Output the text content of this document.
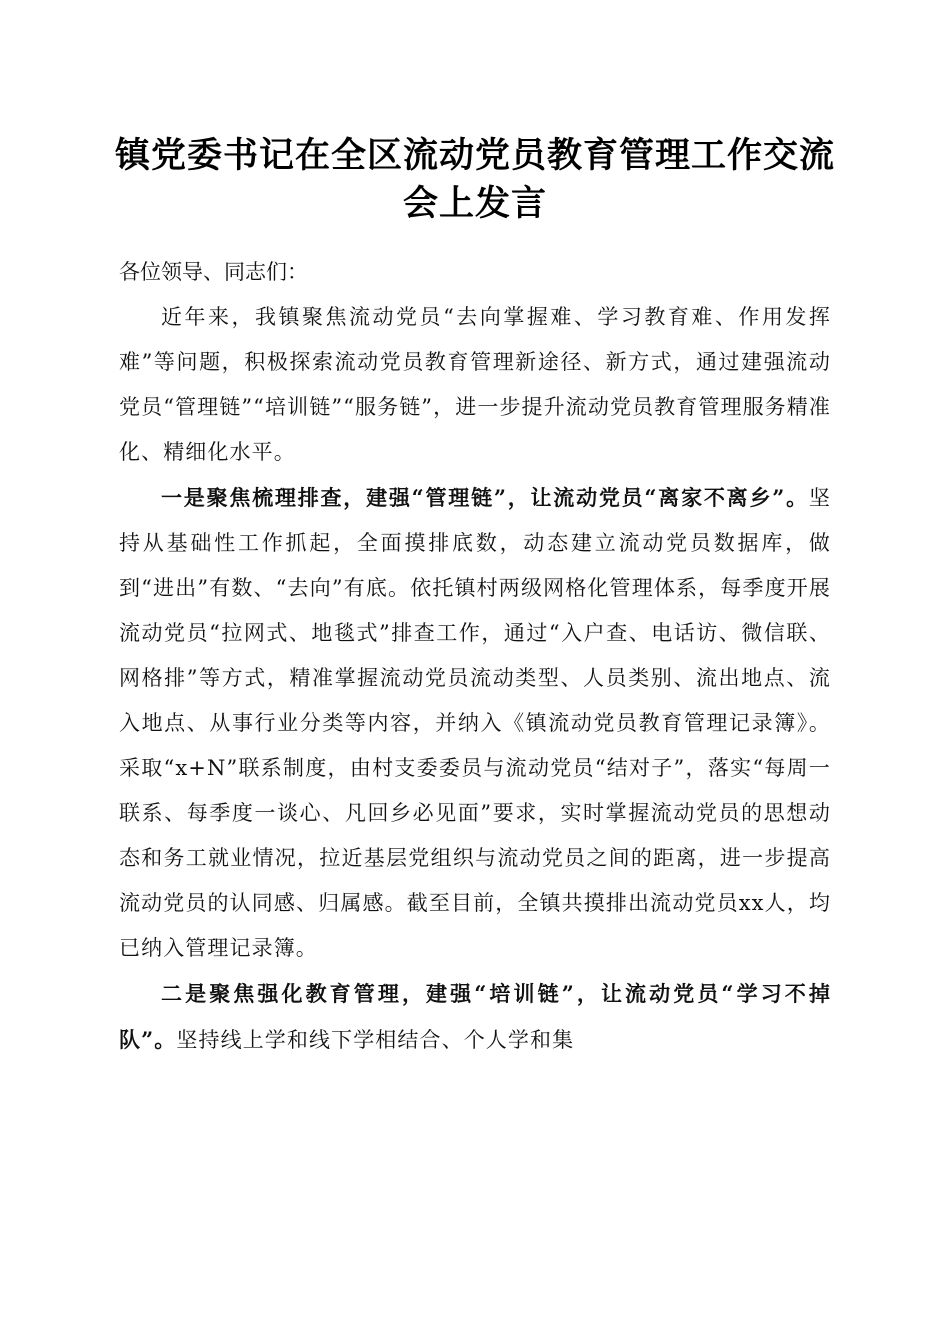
镇党委书记在全区流动党员教育管理工作交流
会上发言

各位领导、同志们：

近年来，我镇聚焦流动党员“去向掌握难、学习教育难、作用发挥难”等问题，积极探索流动党员教育管理新途径、新方式，通过建强流动党员“管理链”“培训链”“服务链”，进一步提升流动党员教育管理服务精准化、精细化水平。

一是聚焦梳理排查，建强“管理链”，让流动党员“离家不离乡”。坚持从基础性工作抓起，全面摸排底数，动态建立流动党员数据库，做到“进出”有数、“去向”有底。依托镇村两级网格化管理体系，每季度开展流动党员“拉网式、地毯式”排查工作，通过“入户查、电话访、微信联、网格排”等方式，精准掌握流动党员流动类型、人员类别、流出地点、流入地点、从事行业分类等内容，并纳入《镇流动党员教育管理记录簿》。采取“x+N”联系制度，由村支委委员与流动党员“结对子”，落实“每周一联系、每季度一谈心、凡回乡必见面”要求，实时掌握流动党员的思想动态和务工就业情况，拉近基层党组织与流动党员之间的距离，进一步提高流动党员的认同感、归属感。截至目前，全镇共摸排出流动党员xx人，均已纳入管理记录簿。

二是聚焦强化教育管理，建强“培训链”，让流动党员“学习不掉队”。坚持线上学和线下学相结合、个人学和集
